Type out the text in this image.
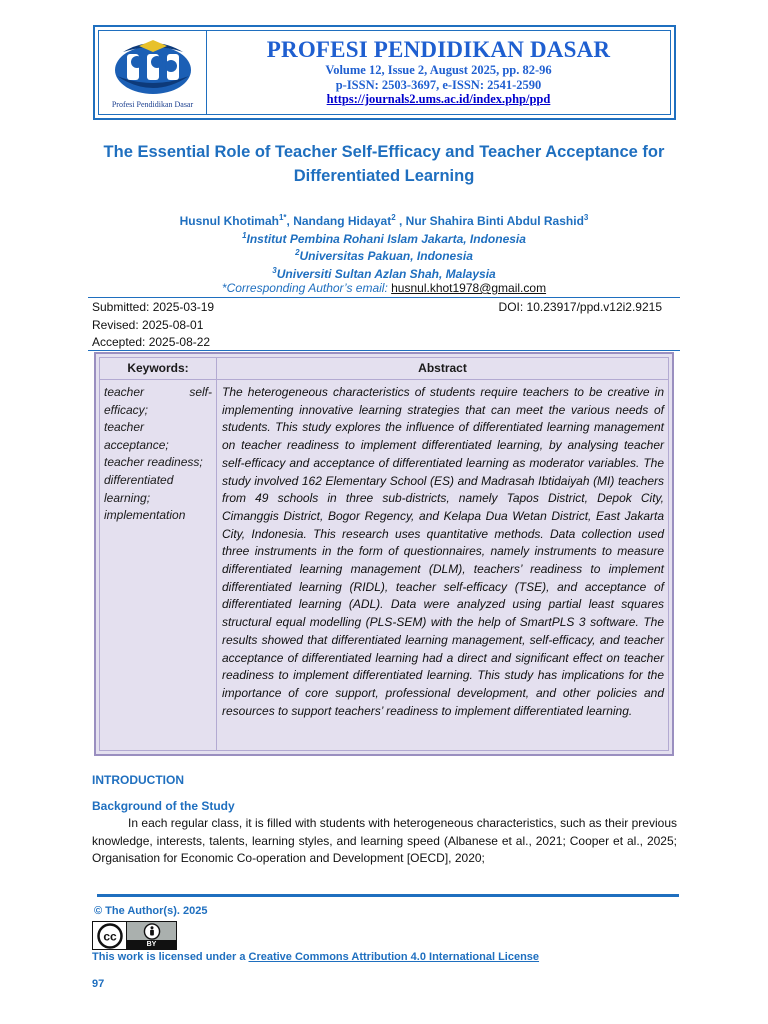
Profesi Pendidikan Dasar
PROFESI PENDIDIKAN DASAR
Volume 12, Issue 2, August 2025, pp. 82-96
p-ISSN: 2503-3697, e-ISSN: 2541-2590
https://journals2.ums.ac.id/index.php/ppd
The Essential Role of Teacher Self-Efficacy and Teacher Acceptance for
Differentiated Learning
Husnul Khotimah$^{1*}$, Nandang Hidayat$^2$ , Nur Shahira Binti Abdul Rashid$^3$
$^1$Institut Pembina Rohani Islam Jakarta, Indonesia
$^2$Universitas Pakuan, Indonesia
$^3$Universiti Sultan Azlan Shah, Malaysia
*Corresponding Author’s email: husnul.khot1978@gmail.com
Submitted: 2025-03-19
Revised: 2025-08-01
Accepted: 2025-08-22
DOI: 10.23917/ppd.v12i2.9215
Keywords:	Abstract
teacher self-efficacy;
teacher acceptance;
teacher readiness;
differentiated learning;
implementation
The heterogeneous characteristics of students require teachers to be creative in implementing innovative learning strategies that can meet the various needs of students. This study explores the influence of differentiated learning management on teacher readiness to implement differentiated learning, by analysing teacher self-efficacy and acceptance of differentiated learning as moderator variables. The study involved 162 Elementary School (ES) and Madrasah Ibtidaiyah (MI) teachers from 49 schools in three sub-districts, namely Tapos District, Depok City, Cimanggis District, Bogor Regency, and Kelapa Dua Wetan District, East Jakarta City, Indonesia. This research uses quantitative methods. Data collection used three instruments in the form of questionnaires, namely instruments to measure differentiated learning management (DLM), teachers’ readiness to implement differentiated learning (RIDL), teacher self-efficacy (TSE), and acceptance of differentiated learning (ADL). Data were analyzed using partial least squares structural equal modelling (PLS-SEM) with the help of SmartPLS 3 software. The results showed that differentiated learning management, self-efficacy, and teacher acceptance of differentiated learning had a direct and significant effect on teacher readiness to implement differentiated learning. This study has implications for the importance of core support, professional development, and other policies and resources to support teachers’ readiness to implement differentiated learning.
INTRODUCTION
Background of the Study
In each regular class, it is filled with students with heterogeneous characteristics, such as their previous knowledge, interests, talents, learning styles, and learning speed (Albanese et al., 2021; Cooper et al., 2025; Organisation for Economic Co-operation and Development [OECD], 2020;
© The Author(s). 2025
cc
BY
This work is licensed under a Creative Commons Attribution 4.0 International License
97
